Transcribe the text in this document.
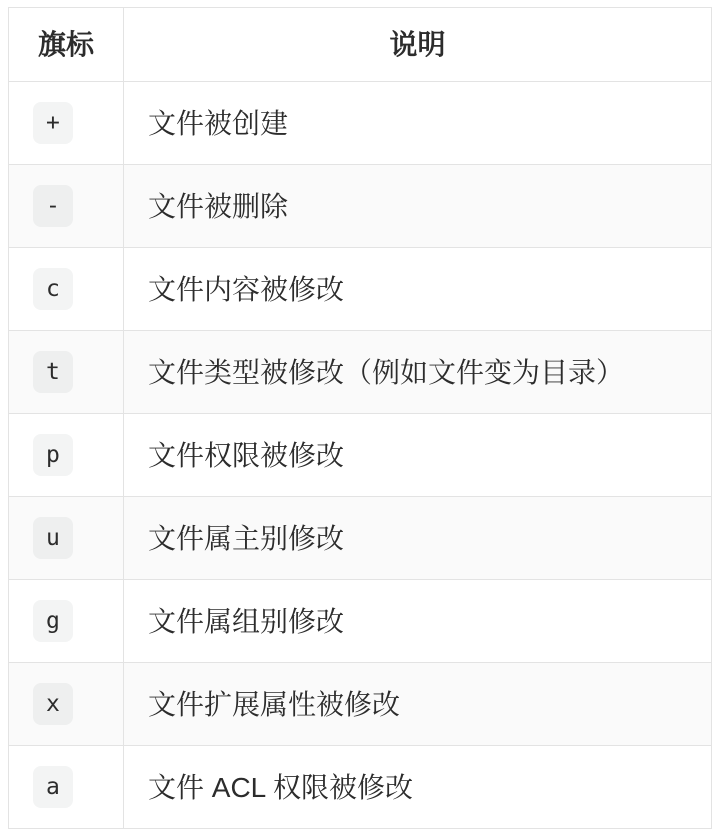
旗标	说明
+	文件被创建
-	文件被删除
c	文件内容被修改
t	文件类型被修改（例如文件变为目录）
p	文件权限被修改
u	文件属主别修改
g	文件属组别修改
x	文件扩展属性被修改
a	文件 ACL 权限被修改
